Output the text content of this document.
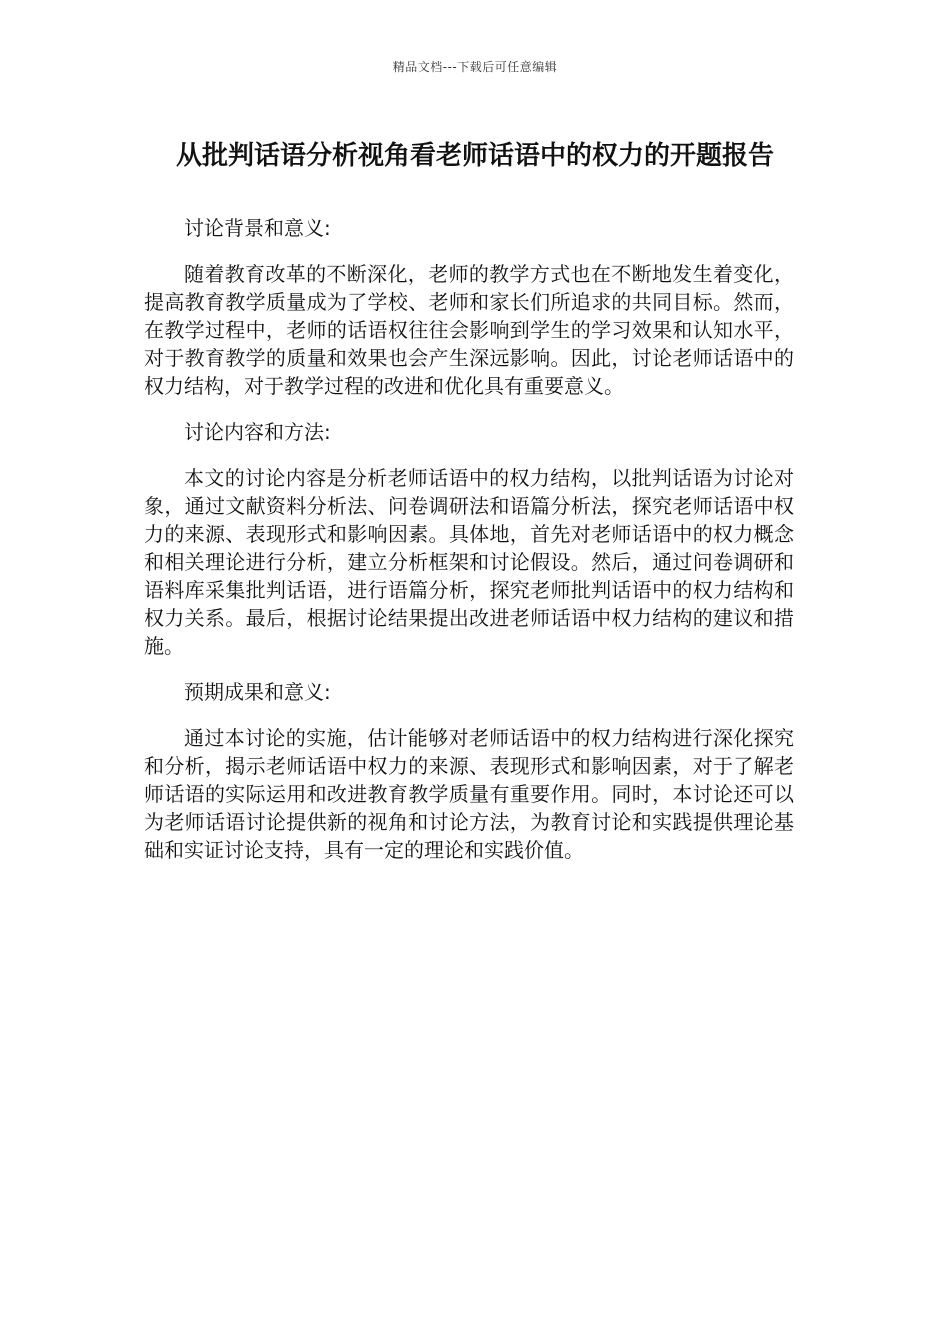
精品文档---下载后可任意编辑
从批判话语分析视角看老师话语中的权力的开题报告

讨论背景和意义:

随着教育改革的不断深化，老师的教学方式也在不断地发生着变化，提高教育教学质量成为了学校、老师和家长们所追求的共同目标。然而，在教学过程中，老师的话语权往往会影响到学生的学习效果和认知水平，对于教育教学的质量和效果也会产生深远影响。因此，讨论老师话语中的权力结构，对于教学过程的改进和优化具有重要意义。

讨论内容和方法:

本文的讨论内容是分析老师话语中的权力结构，以批判话语为讨论对象，通过文献资料分析法、问卷调研法和语篇分析法，探究老师话语中权力的来源、表现形式和影响因素。具体地，首先对老师话语中的权力概念和相关理论进行分析，建立分析框架和讨论假设。然后，通过问卷调研和语料库采集批判话语，进行语篇分析，探究老师批判话语中的权力结构和权力关系。最后，根据讨论结果提出改进老师话语中权力结构的建议和措施。

预期成果和意义:

通过本讨论的实施，估计能够对老师话语中的权力结构进行深化探究和分析，揭示老师话语中权力的来源、表现形式和影响因素，对于了解老师话语的实际运用和改进教育教学质量有重要作用。同时，本讨论还可以为老师话语讨论提供新的视角和讨论方法，为教育讨论和实践提供理论基础和实证讨论支持，具有一定的理论和实践价值。
